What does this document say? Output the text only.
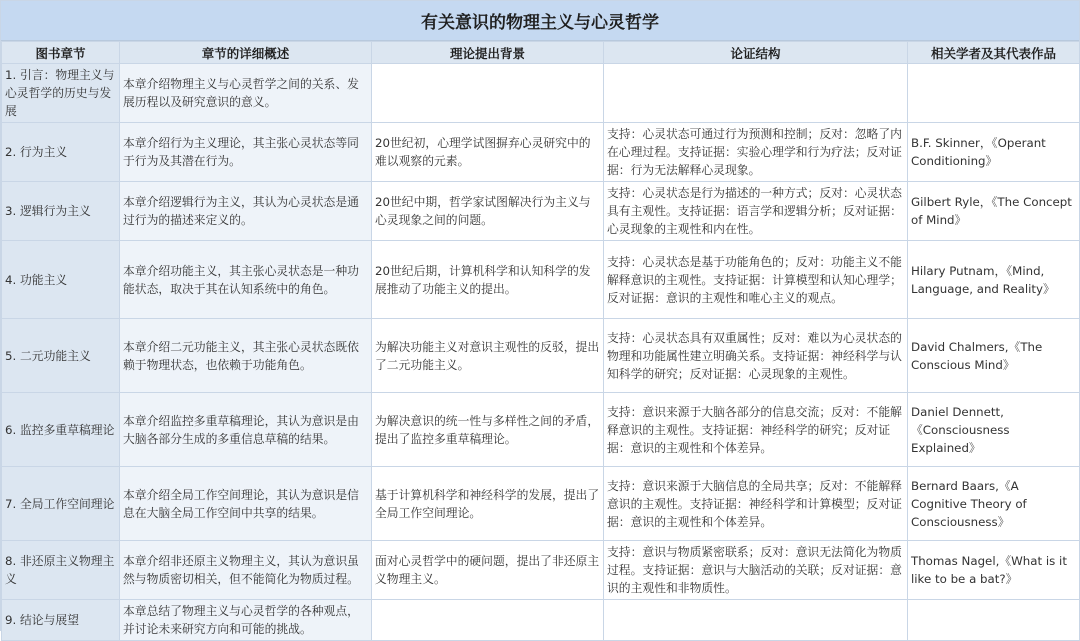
有关意识的物理主义与心灵哲学
图书章节	章节的详细概述	理论提出背景	论证结构	相关学者及其代表作品
1. 引言：物理主义与心灵哲学的历史与发展	本章介绍物理主义与心灵哲学之间的关系、发展历程以及研究意识的意义。			
2. 行为主义	本章介绍行为主义理论，其主张心灵状态等同于行为及其潜在行为。	20世纪初，心理学试图摒弃心灵研究中的难以观察的元素。	支持：心灵状态可通过行为预测和控制；反对：忽略了内在心理过程。支持证据：实验心理学和行为疗法；反对证据：行为无法解释心灵现象。	B.F. Skinner，《Operant Conditioning》
3. 逻辑行为主义	本章介绍逻辑行为主义，其认为心灵状态是通过行为的描述来定义的。	20世纪中期，哲学家试图解决行为主义与心灵现象之间的问题。	支持：心灵状态是行为描述的一种方式；反对：心灵状态具有主观性。支持证据：语言学和逻辑分析；反对证据：心灵现象的主观性和内在性。	Gilbert Ryle，《The Concept of Mind》
4. 功能主义	本章介绍功能主义，其主张心灵状态是一种功能状态，取决于其在认知系统中的角色。	20世纪后期，计算机科学和认知科学的发展推动了功能主义的提出。	支持：心灵状态是基于功能角色的；反对：功能主义不能解释意识的主观性。支持证据：计算模型和认知心理学；反对证据：意识的主观性和唯心主义的观点。	Hilary Putnam，《Mind, Language, and Reality》
5. 二元功能主义	本章介绍二元功能主义，其主张心灵状态既依赖于物理状态，也依赖于功能角色。	为解决功能主义对意识主观性的反驳，提出了二元功能主义。	支持：心灵状态具有双重属性；反对：难以为心灵状态的物理和功能属性建立明确关系。支持证据：神经科学与认知科学的研究；反对证据：心灵现象的主观性。	David Chalmers,《The Conscious Mind》
6. 监控多重草稿理论	本章介绍监控多重草稿理论，其认为意识是由大脑各部分生成的多重信息草稿的结果。	为解决意识的统一性与多样性之间的矛盾，提出了监控多重草稿理论。	支持：意识来源于大脑各部分的信息交流；反对：不能解释意识的主观性。支持证据：神经科学的研究；反对证据：意识的主观性和个体差异。	Daniel Dennett,《Consciousness Explained》
7. 全局工作空间理论	本章介绍全局工作空间理论，其认为意识是信息在大脑全局工作空间中共享的结果。	基于计算机科学和神经科学的发展，提出了全局工作空间理论。	支持：意识来源于大脑信息的全局共享；反对：不能解释意识的主观性。支持证据：神经科学和计算模型；反对证据：意识的主观性和个体差异。	Bernard Baars,《A Cognitive Theory of Consciousness》
8. 非还原主义物理主义	本章介绍非还原主义物理主义，其认为意识虽然与物质密切相关，但不能简化为物质过程。	面对心灵哲学中的硬问题，提出了非还原主义物理主义。	支持：意识与物质紧密联系；反对：意识无法简化为物质过程。支持证据：意识与大脑活动的关联；反对证据：意识的主观性和非物质性。	Thomas Nagel,《What is it like to be a bat?》
9. 结论与展望	本章总结了物理主义与心灵哲学的各种观点，并讨论未来研究方向和可能的挑战。			
